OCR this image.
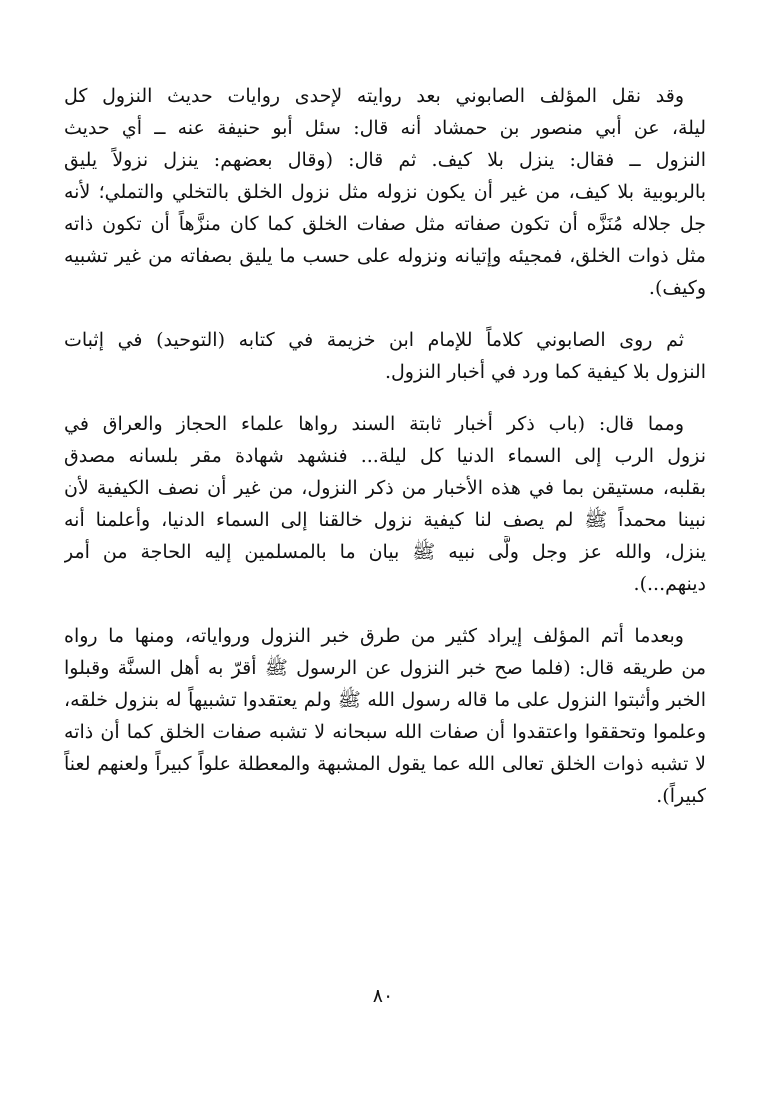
وقد نقل المؤلف الصابوني بعد روايته لإحدى روايات حديث النزول كل
ليلة، عن أبي منصور بن حمشاد أنه قال: سئل أبو حنيفة عنه ــ أي حديث
النزول ــ فقال: ينزل بلا كيف. ثم قال: (وقال بعضهم: ينزل نزولاً يليق
بالربوبية بلا كيف، من غير أن يكون نزوله مثل نزول الخلق بالتخلي والتملي؛ لأنه
جل جلاله مُنَزَّه أن تكون صفاته مثل صفات الخلق كما كان منزَّهاً أن تكون ذاته
مثل ذوات الخلق، فمجيئه وإتيانه ونزوله على حسب ما يليق بصفاته من غير تشبيه
وكيف).
ثم روى الصابوني كلاماً للإمام ابن خزيمة في كتابه (التوحيد) في إثبات
النزول بلا كيفية كما ورد في أخبار النزول.
ومما قال: (باب ذكر أخبار ثابتة السند رواها علماء الحجاز والعراق في
نزول الرب إلى السماء الدنيا كل ليلة... فنشهد شهادة مقر بلسانه مصدق
بقلبه، مستيقن بما في هذه الأخبار من ذكر النزول، من غير أن نصف الكيفية لأن
نبينا محمداً ﷺ لم يصف لنا كيفية نزول خالقنا إلى السماء الدنيا، وأعلمنا أنه
ينزل، والله عز وجل ولَّى نبيه ﷺ بيان ما بالمسلمين إليه الحاجة من أمر
دينهم...).
وبعدما أتم المؤلف إيراد كثير من طرق خبر النزول ورواياته، ومنها ما رواه
من طريقه قال: (فلما صح خبر النزول عن الرسول ﷺ أقرّ به أهل السنَّة وقبلوا
الخبر وأثبتوا النزول على ما قاله رسول الله ﷺ ولم يعتقدوا تشبيهاً له بنزول خلقه،
وعلموا وتحققوا واعتقدوا أن صفات الله سبحانه لا تشبه صفات الخلق كما أن ذاته
لا تشبه ذوات الخلق تعالى الله عما يقول المشبهة والمعطلة علواً كبيراً ولعنهم لعناً
كبيراً).
٨٠
